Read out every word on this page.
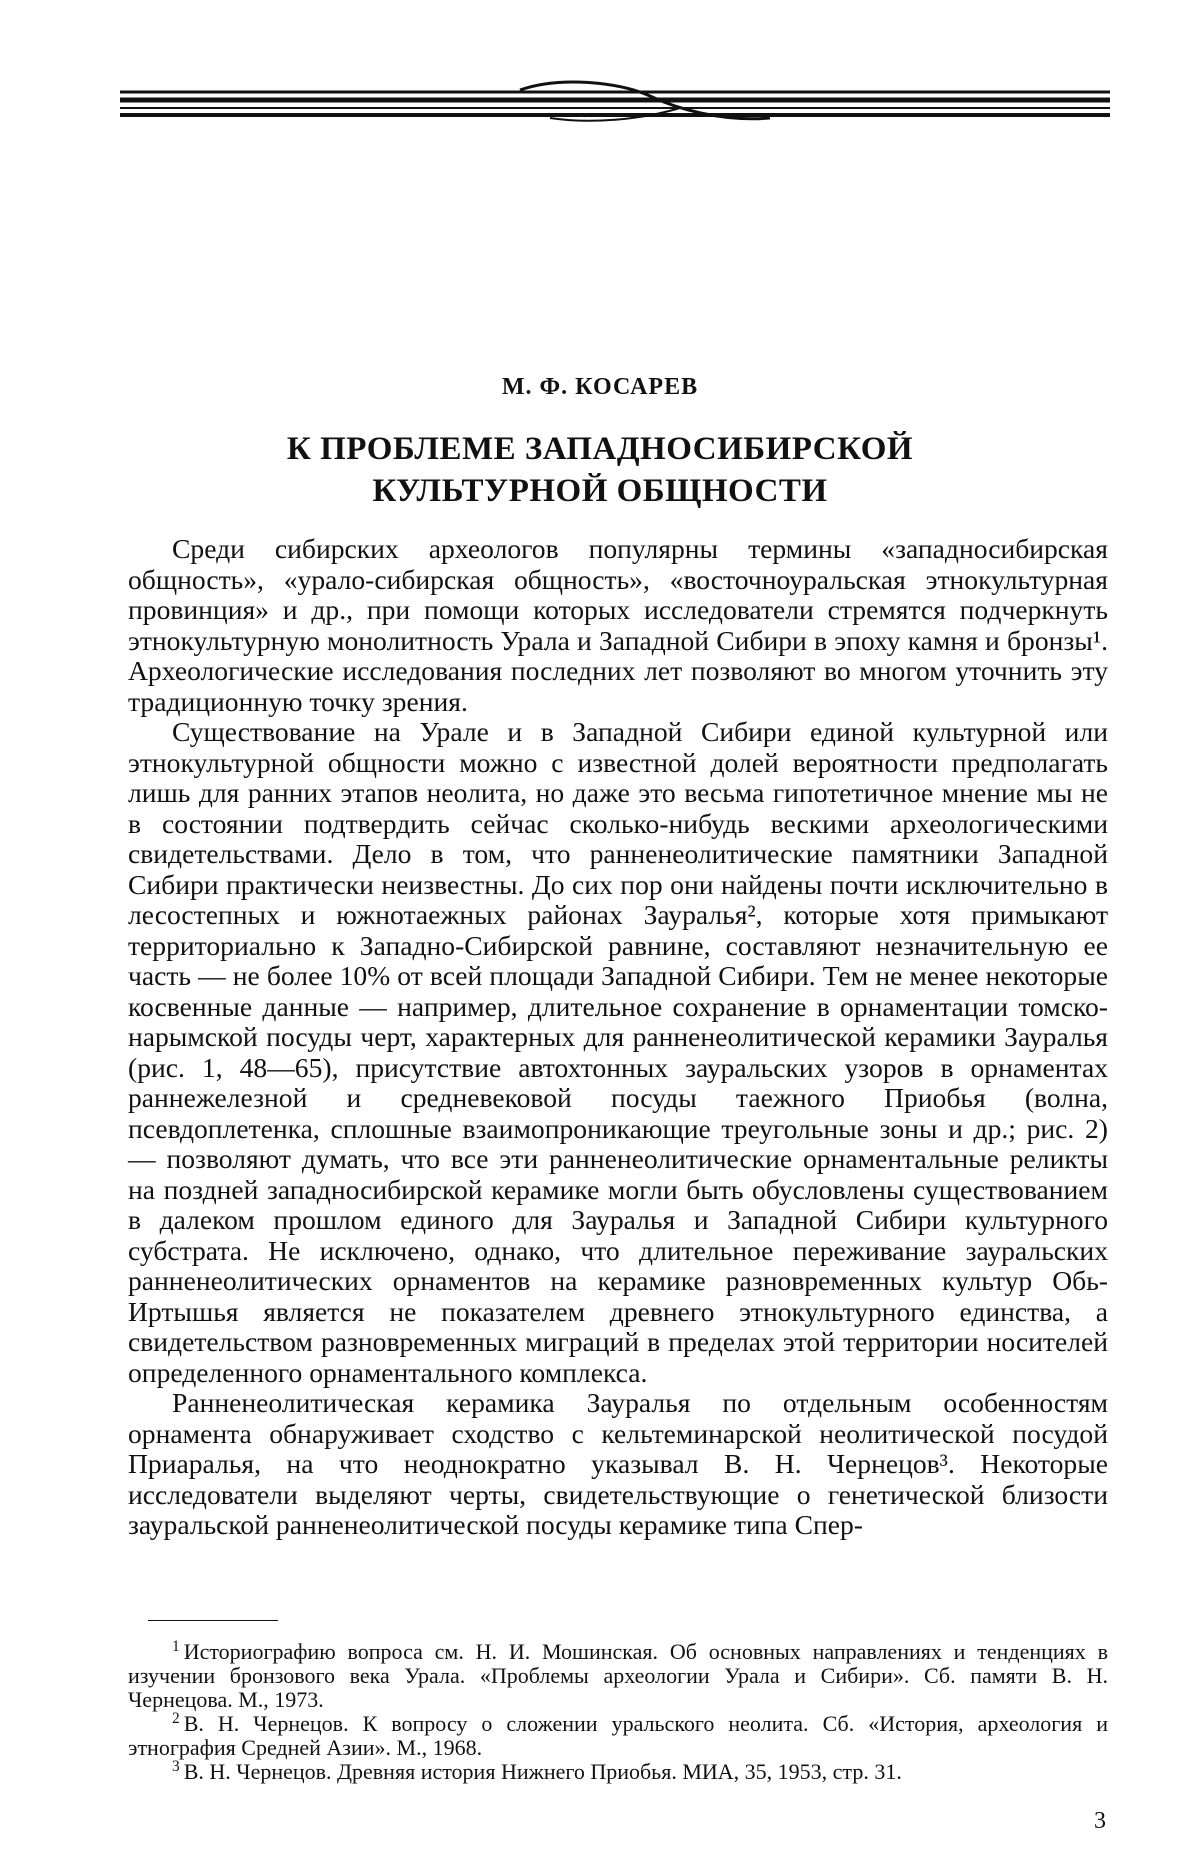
М. Ф. КОСАРЕВ
К ПРОБЛЕМЕ ЗАПАДНОСИБИРСКОЙ КУЛЬТУРНОЙ ОБЩНОСТИ

Среди сибирских археологов популярны термины «западносибирская общность», «урало-сибирская общность», «восточноуральская этнокультурная провинция» и др., при помощи которых исследователи стремятся подчеркнуть этнокультурную монолитность Урала и Западной Сибири в эпоху камня и бронзы¹. Археологические исследования последних лет позволяют во многом уточнить эту традиционную точку зрения.

Существование на Урале и в Западной Сибири единой культурной или этнокультурной общности можно с известной долей вероятности предполагать лишь для ранних этапов неолита, но даже это весьма гипотетичное мнение мы не в состоянии подтвердить сейчас сколько-нибудь вескими археологическими свидетельствами. Дело в том, что ранненеолитические памятники Западной Сибири практически неизвестны. До сих пор они найдены почти исключительно в лесостепных и южнотаежных районах Зауралья², которые хотя примыкают территориально к Западно-Сибирской равнине, составляют незначительную ее часть — не более 10% от всей площади Западной Сибири. Тем не менее некоторые косвенные данные — например, длительное сохранение в орнаментации томско-нарымской посуды черт, характерных для ранненеолитической керамики Зауралья (рис. 1, 48—65), присутствие автохтонных зауральских узоров в орнаментах раннежелезной и средневековой посуды таежного Приобья (волна, псевдоплетенка, сплошные взаимопроникающие треугольные зоны и др.; рис. 2) — позволяют думать, что все эти ранненеолитические орнаментальные реликты на поздней западносибирской керамике могли быть обусловлены существованием в далеком прошлом единого для Зауралья и Западной Сибири культурного субстрата. Не исключено, однако, что длительное переживание зауральских ранненеолитических орнаментов на керамике разновременных культур Обь-Иртышья является не показателем древнего этнокультурного единства, а свидетельством разновременных миграций в пределах этой территории носителей определенного орнаментального комплекса.

Ранненеолитическая керамика Зауралья по отдельным особенностям орнамента обнаруживает сходство с кельтеминарской неолитической посудой Приаралья, на что неоднократно указывал В. Н. Чернецов³. Некоторые исследователи выделяют черты, свидетельствующие о генетической близости зауральской ранненеолитической посуды керамике типа Спер-

$^1$ Историографию вопроса см. Н. И. Мошинская. Об основных направлениях и тенденциях в изучении бронзового века Урала. «Проблемы археологии Урала и Сибири». Сб. памяти В. Н. Чернецова. М., 1973.

$^2$ В. Н. Чернецов. К вопросу о сложении уральского неолита. Сб. «История, археология и этнография Средней Азии». М., 1968.

$^3$ В. Н. Чернецов. Древняя история Нижнего Приобья. МИА, 35, 1953, стр. 31.

3
